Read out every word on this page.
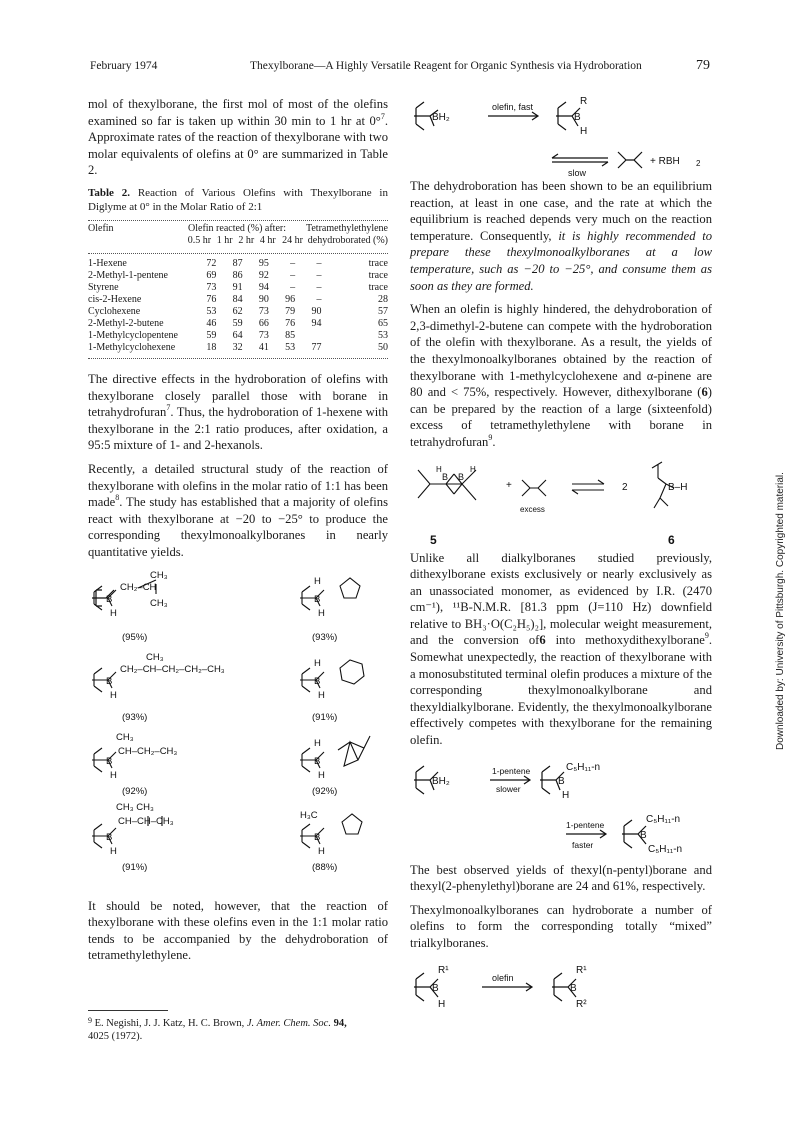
February 1974	Thexylborane—A Highly Versatile Reagent for Organic Synthesis via Hydroboration	79

mol of thexylborane, the first mol of most of the olefins examined so far is taken up within 30 min to 1 hr at 0°$^7$. Approximate rates of the reaction of thexylborane with two molar equivalents of olefins at 0° are summarized in Table 2.

Table 2. Reaction of Various Olefins with Thexylborane in Diglyme at 0° in the Molar Ratio of 2:1
Olefin	Olefin reacted (%) after:					Tetramethylethylene dehydroborated (%)
	0.5 hr	1 hr	2 hr	4 hr	24 hr	
1-Hexene	72	87	95	–	–	trace
2-Methyl-1-pentene	69	86	92	–	–	trace
Styrene	73	91	94	–	–	trace
cis-2-Hexene	76	84	90	96	–	28
Cyclohexene	53	62	73	79	90	57
2-Methyl-2-butene	46	59	66	76	94	65
1-Methylcyclopentene	59	64	73	85		53
1-Methylcyclohexene	18	32	41	53	77	50

The directive effects in the hydroboration of olefins with thexylborane closely parallel those with borane in tetrahydrofuran$^7$. Thus, the hydroboration of 1-hexene with thexylborane in the 2:1 ratio produces, after oxidation, a 95:5 mixture of 1- and 2-hexanols.

Recently, a detailed structural study of the reaction of thexylborane with olefins in the molar ratio of 1:1 has been made$^8$. The study has established that a majority of olefins react with thexylborane at −20 to −25° to produce the corresponding thexylmonoalkylboranes in nearly quantitative yields.

B
H
CH₃
CH₂–CH
CH₃	B
H
H
CH₃
CH₂–CH–CH₂–CH₂–CH₃
B
H
B
H
H
CH₃
CH–CH₂–CH₃
B
H
B
H
H
CH₃ CH₃
CH–CH–CH₃
B
H
B
H
H₃C
(95%)	(93%)
(93%)	(91%)
(92%)	(92%)
(91%)	(88%)

It should be noted, however, that the reaction of thexylborane with these olefins even in the 1:1 molar ratio tends to be accompanied by the dehydroboration of tetramethylethylene.

$^9$ E. Negishi, J. J. Katz, H. C. Brown, J. Amer. Chem. Soc. 94,
4025 (1972).
BH₂
olefin, fast
B
R
H
slow
+ RBH 2

The dehydroboration has been shown to be an equilibrium reaction, at least in one case, and the rate at which the equilibrium is reached depends very much on the reaction temperature. Consequently, it is highly recommended to prepare these thexylmonoalkylboranes at a low temperature, such as −20 to −25°, and consume them as soon as they are formed.

When an olefin is highly hindered, the dehydroboration of 2,3-dimethyl-2-butene can compete with the hydroboration of the olefin with thexylborane. As a result, the yields of the thexylmonoalkylboranes obtained by the reaction of thexylborane with 1-methylcyclohexene and α-pinene are 80 and < 75%, respectively. However, dithexylborane (6) can be prepared by the reaction of a large (sixteenfold) excess of tetramethylethylene with borane in tetrahydrofuran$^9$.

B B
H	H
+
excess
2	B–H
5	6

Unlike all dialkylboranes studied previously, dithexylborane exists exclusively or nearly exclusively as an unassociated monomer, as evidenced by I.R. (2470 cm⁻¹), ¹¹B-N.M.R. [81.3 ppm (J=110 Hz) downfield relative to BH₃·O(C₂H₅)₂], molecular weight measurement, and the conversion of6 into methoxydithexylborane$^9$. Somewhat unexpectedly, the reaction of thexylborane with a monosubstituted terminal olefin produces a mixture of the corresponding thexylmonoalkylborane and thexyldialkylborane. Evidently, the thexylmonoalkylborane effectively competes with thexylborane for the remaining olefin.

BH₂
1-pentene
slower
B
H
C₅H₁₁-n
1-pentene
faster
B
C₅H₁₁-n
C₅H₁₁-n

The best observed yields of thexyl(n-pentyl)borane and thexyl(2-phenylethyl)borane are 24 and 61%, respectively.

Thexylmonoalkylboranes can hydroborate a number of olefins to form the corresponding totally “mixed” trialkylboranes.

B
R¹
H
olefin
B
R¹
R²
Downloaded by: University of Pittsburgh. Copyrighted material.
